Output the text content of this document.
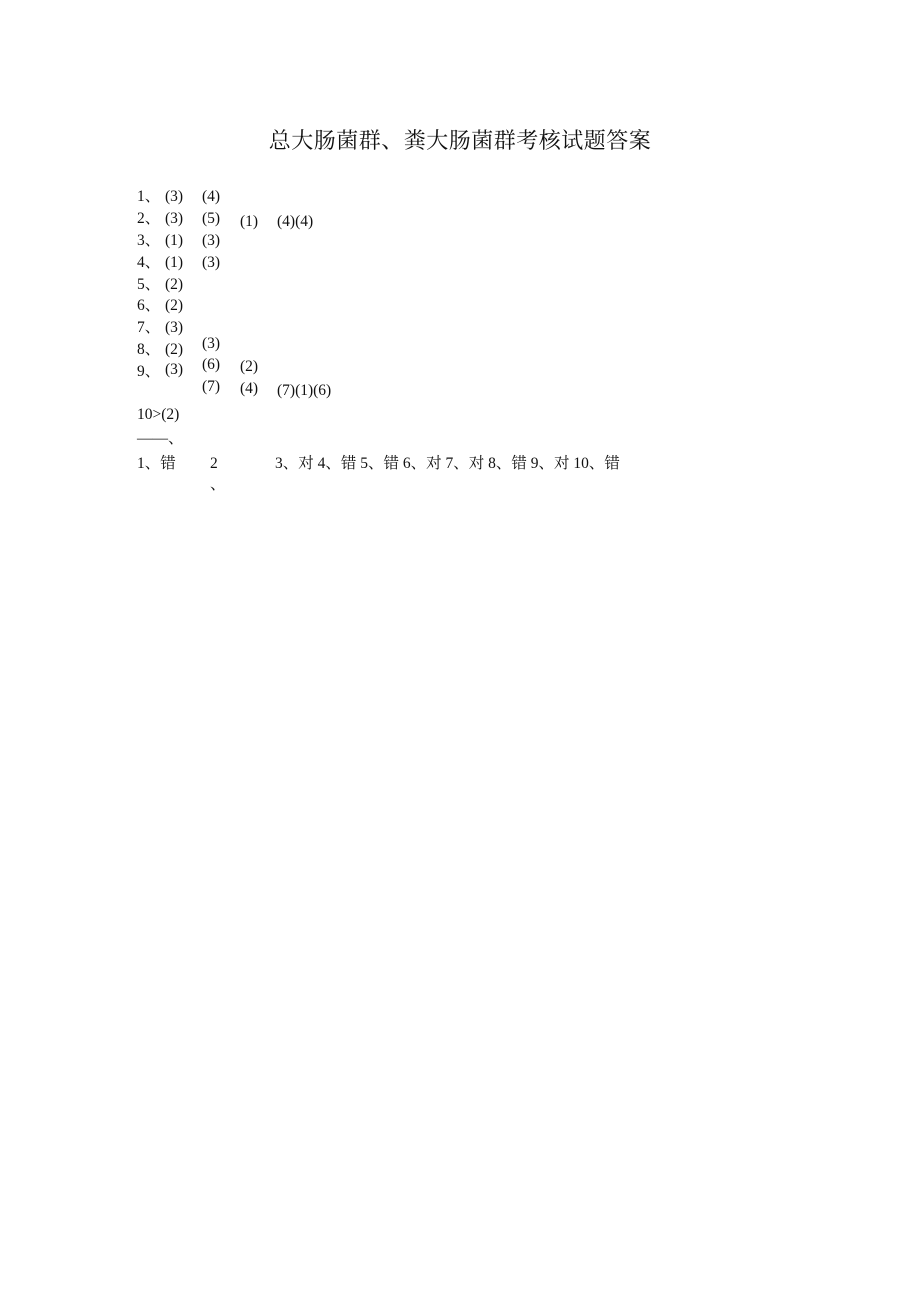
总大肠菌群、粪大肠菌群考核试题答案
1、 (3) (4)
2、 (3) (5) (1) (4)(4)
3、 (1) (3)
4、 (1) (3)
5、 (2)
6、 (2)
7、 (3)
8、 (2) (3)
9、 (3) (6) (2)
(7) (4) (7)(1)(6)
10>(2)
——、
1、错 2
、
3、对 4、错 5、错 6、对 7、对 8、错 9、对 10、错
